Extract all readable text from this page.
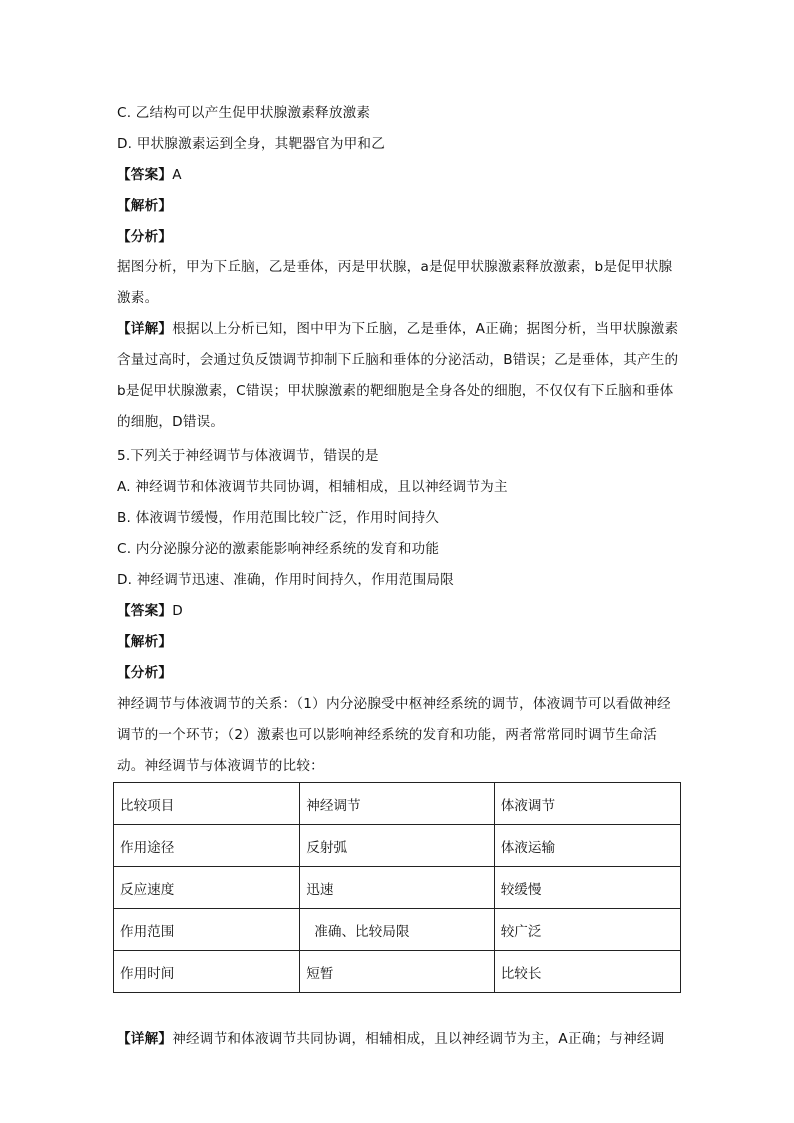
C. 乙结构可以产生促甲状腺激素释放激素
D. 甲状腺激素运到全身，其靶器官为甲和乙
【答案】A
【解析】
【分析】
据图分析，甲为下丘脑，乙是垂体，丙是甲状腺，a是促甲状腺激素释放激素，b是促甲状腺激素。
【详解】根据以上分析已知，图中甲为下丘脑，乙是垂体，A正确；据图分析，当甲状腺激素含量过高时，会通过负反馈调节抑制下丘脑和垂体的分泌活动，B错误；乙是垂体，其产生的b是促甲状腺激素，C错误；甲状腺激素的靶细胞是全身各处的细胞，不仅仅有下丘脑和垂体的细胞，D错误。
5.下列关于神经调节与体液调节，错误的是
A. 神经调节和体液调节共同协调，相辅相成，且以神经调节为主
B. 体液调节缓慢，作用范围比较广泛，作用时间持久
C. 内分泌腺分泌的激素能影响神经系统的发育和功能
D. 神经调节迅速、准确，作用时间持久，作用范围局限
【答案】D
【解析】
【分析】
神经调节与体液调节的关系：（1）内分泌腺受中枢神经系统的调节，体液调节可以看做神经调节的一个环节；（2）激素也可以影响神经系统的发育和功能，两者常常同时调节生命活动。神经调节与体液调节的比较：
比较项目	神经调节	体液调节
作用途径	反射弧	体液运输
反应速度	迅速	较缓慢
作用范围	准确、比较局限	较广泛
作用时间	短暂	比较长
【详解】神经调节和体液调节共同协调，相辅相成，且以神经调节为主，A正确；与神经调
